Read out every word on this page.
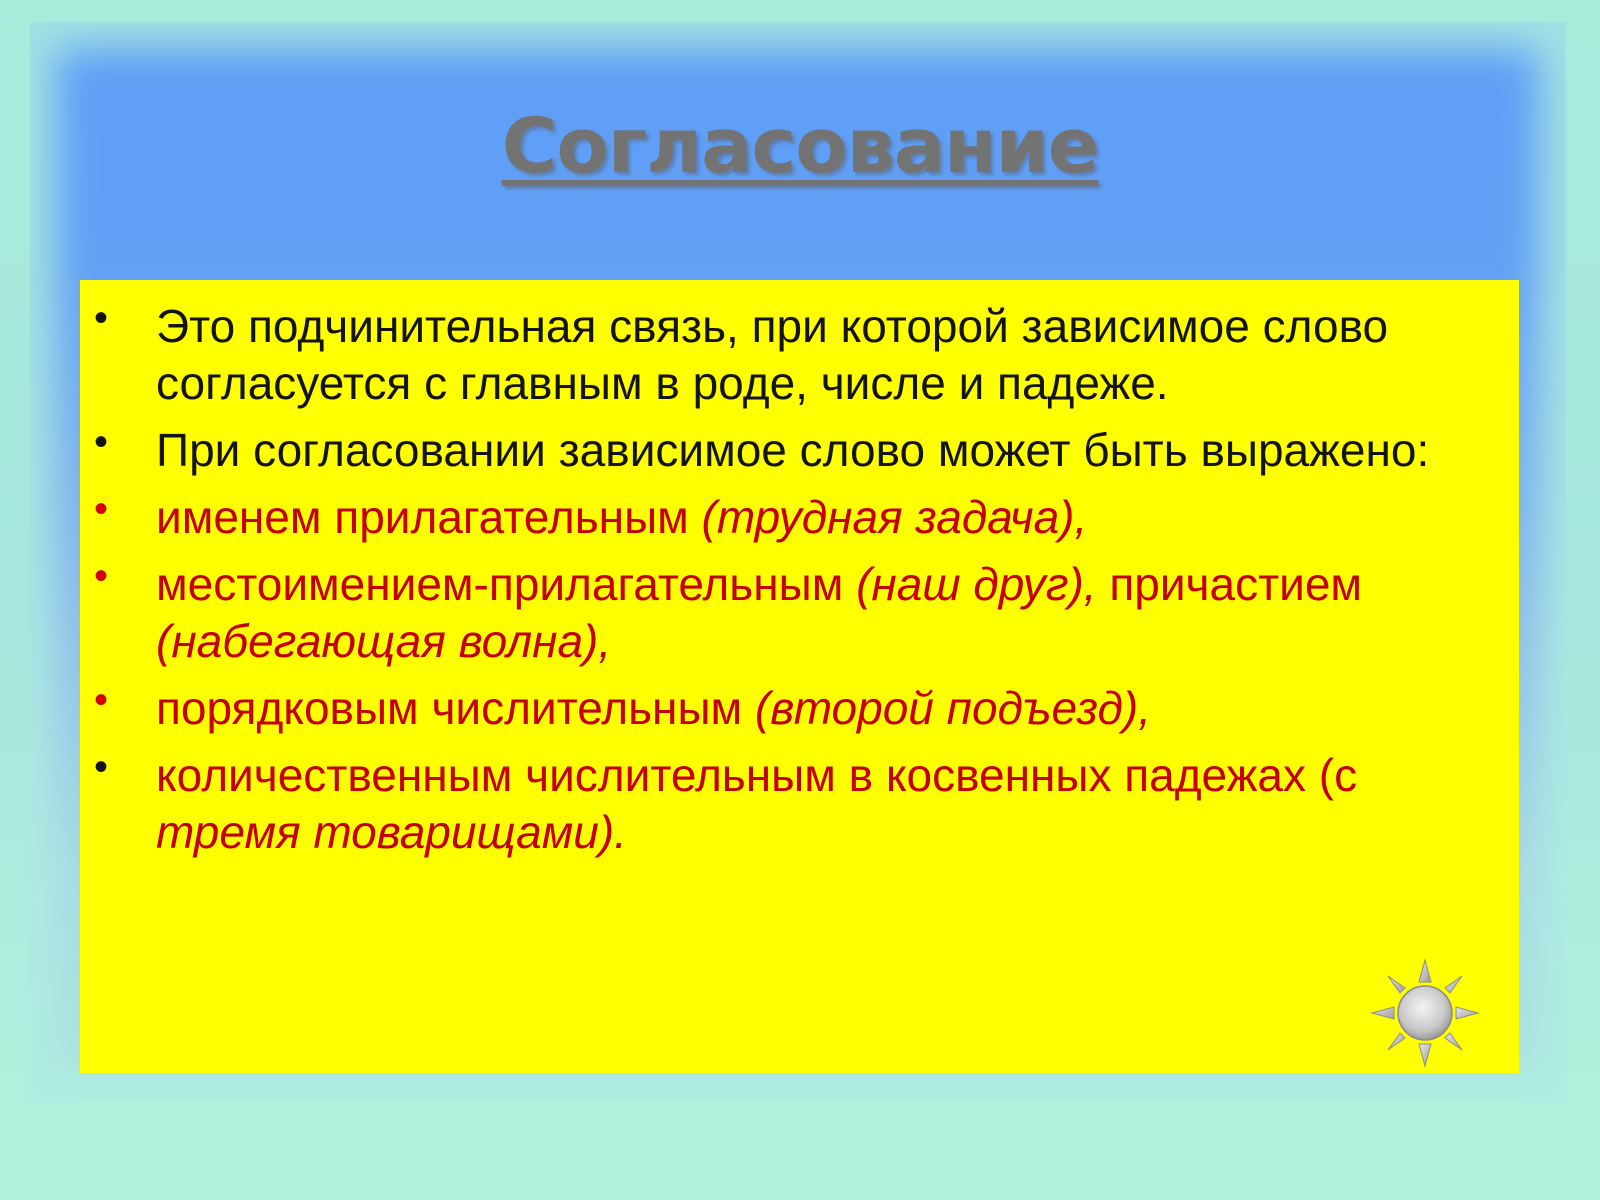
Согласование
• Это подчинительная связь, при которой зависимое слово согласуется с главным в роде, числе и падеже.
• При согласовании зависимое слово может быть выражено:
• именем прилагательным (трудная задача),
• местоимением-прилагательным (наш друг), причастием (набегающая волна),
• порядковым числительным (второй подъезд),
• количественным числительным в косвенных падежах (с тремя товарищами).
